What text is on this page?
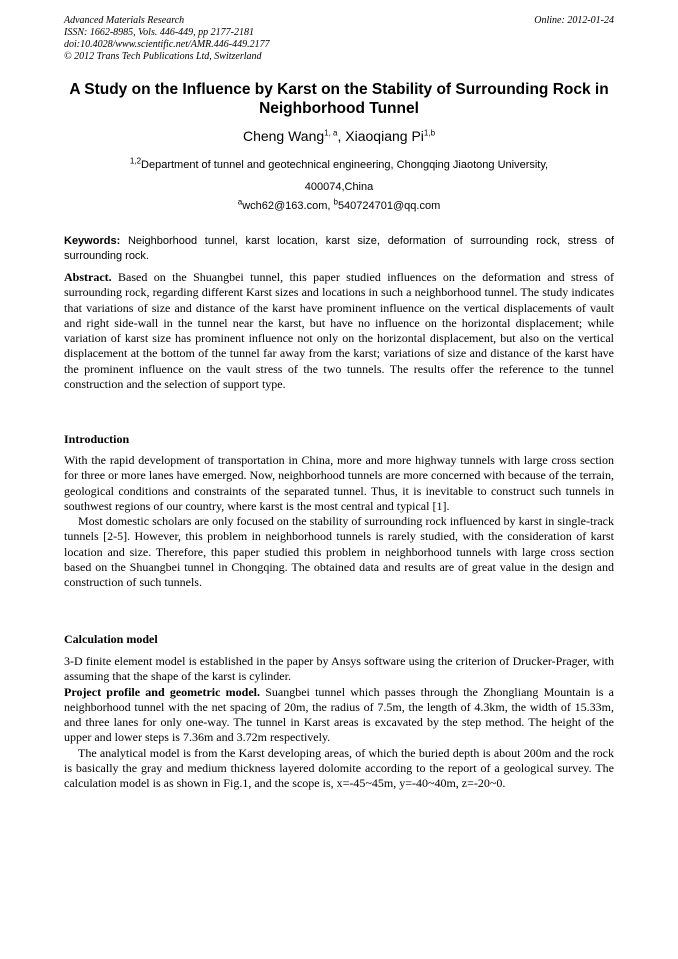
Advanced Materials Research
ISSN: 1662-8985, Vols. 446-449, pp 2177-2181
doi:10.4028/www.scientific.net/AMR.446-449.2177
© 2012 Trans Tech Publications Ltd, Switzerland
Online: 2012-01-24
A Study on the Influence by Karst on the Stability of Surrounding Rock in Neighborhood Tunnel
Cheng Wang$^{1, a}$, Xiaoqiang Pi$^{1,b}$
$^{1,2}$Department of tunnel and geotechnical engineering, Chongqing Jiaotong University,
400074,China
$^a$wch62@163.com, $^b$540724701@qq.com
Keywords: Neighborhood tunnel, karst location, karst size, deformation of surrounding rock, stress of surrounding rock.

Abstract. Based on the Shuangbei tunnel, this paper studied influences on the deformation and stress of surrounding rock, regarding different Karst sizes and locations in such a neighborhood tunnel. The study indicates that variations of size and distance of the karst have prominent influence on the vertical displacements of vault and right side-wall in the tunnel near the karst, but have no influence on the horizontal displacement; while variation of karst size has prominent influence not only on the horizontal displacement, but also on the vertical displacement at the bottom of the tunnel far away from the karst; variations of size and distance of the karst have the prominent influence on the vault stress of the two tunnels. The results offer the reference to the tunnel construction and the selection of support type.

Introduction

With the rapid development of transportation in China, more and more highway tunnels with large cross section for three or more lanes have emerged. Now, neighborhood tunnels are more concerned with because of the terrain, geological conditions and constraints of the separated tunnel. Thus, it is inevitable to construct such tunnels in southwest regions of our country, where karst is the most central and typical [1].

Most domestic scholars are only focused on the stability of surrounding rock influenced by karst in single-track tunnels [2-5]. However, this problem in neighborhood tunnels is rarely studied, with the consideration of karst location and size. Therefore, this paper studied this problem in neighborhood tunnels with large cross section based on the Shuangbei tunnel in Chongqing. The obtained data and results are of great value in the design and construction of such tunnels.

Calculation model

3-D finite element model is established in the paper by Ansys software using the criterion of Drucker-Prager, with assuming that the shape of the karst is cylinder.

Project profile and geometric model. Suangbei tunnel which passes through the Zhongliang Mountain is a neighborhood tunnel with the net spacing of 20m, the radius of 7.5m, the length of 4.3km, the width of 15.33m, and three lanes for only one-way. The tunnel in Karst areas is excavated by the step method. The height of the upper and lower steps is 7.36m and 3.72m respectively.

The analytical model is from the Karst developing areas, of which the buried depth is about 200m and the rock is basically the gray and medium thickness layered dolomite according to the report of a geological survey. The calculation model is as shown in Fig.1, and the scope is, x=-45~45m, y=-40~40m, z=-20~0.
